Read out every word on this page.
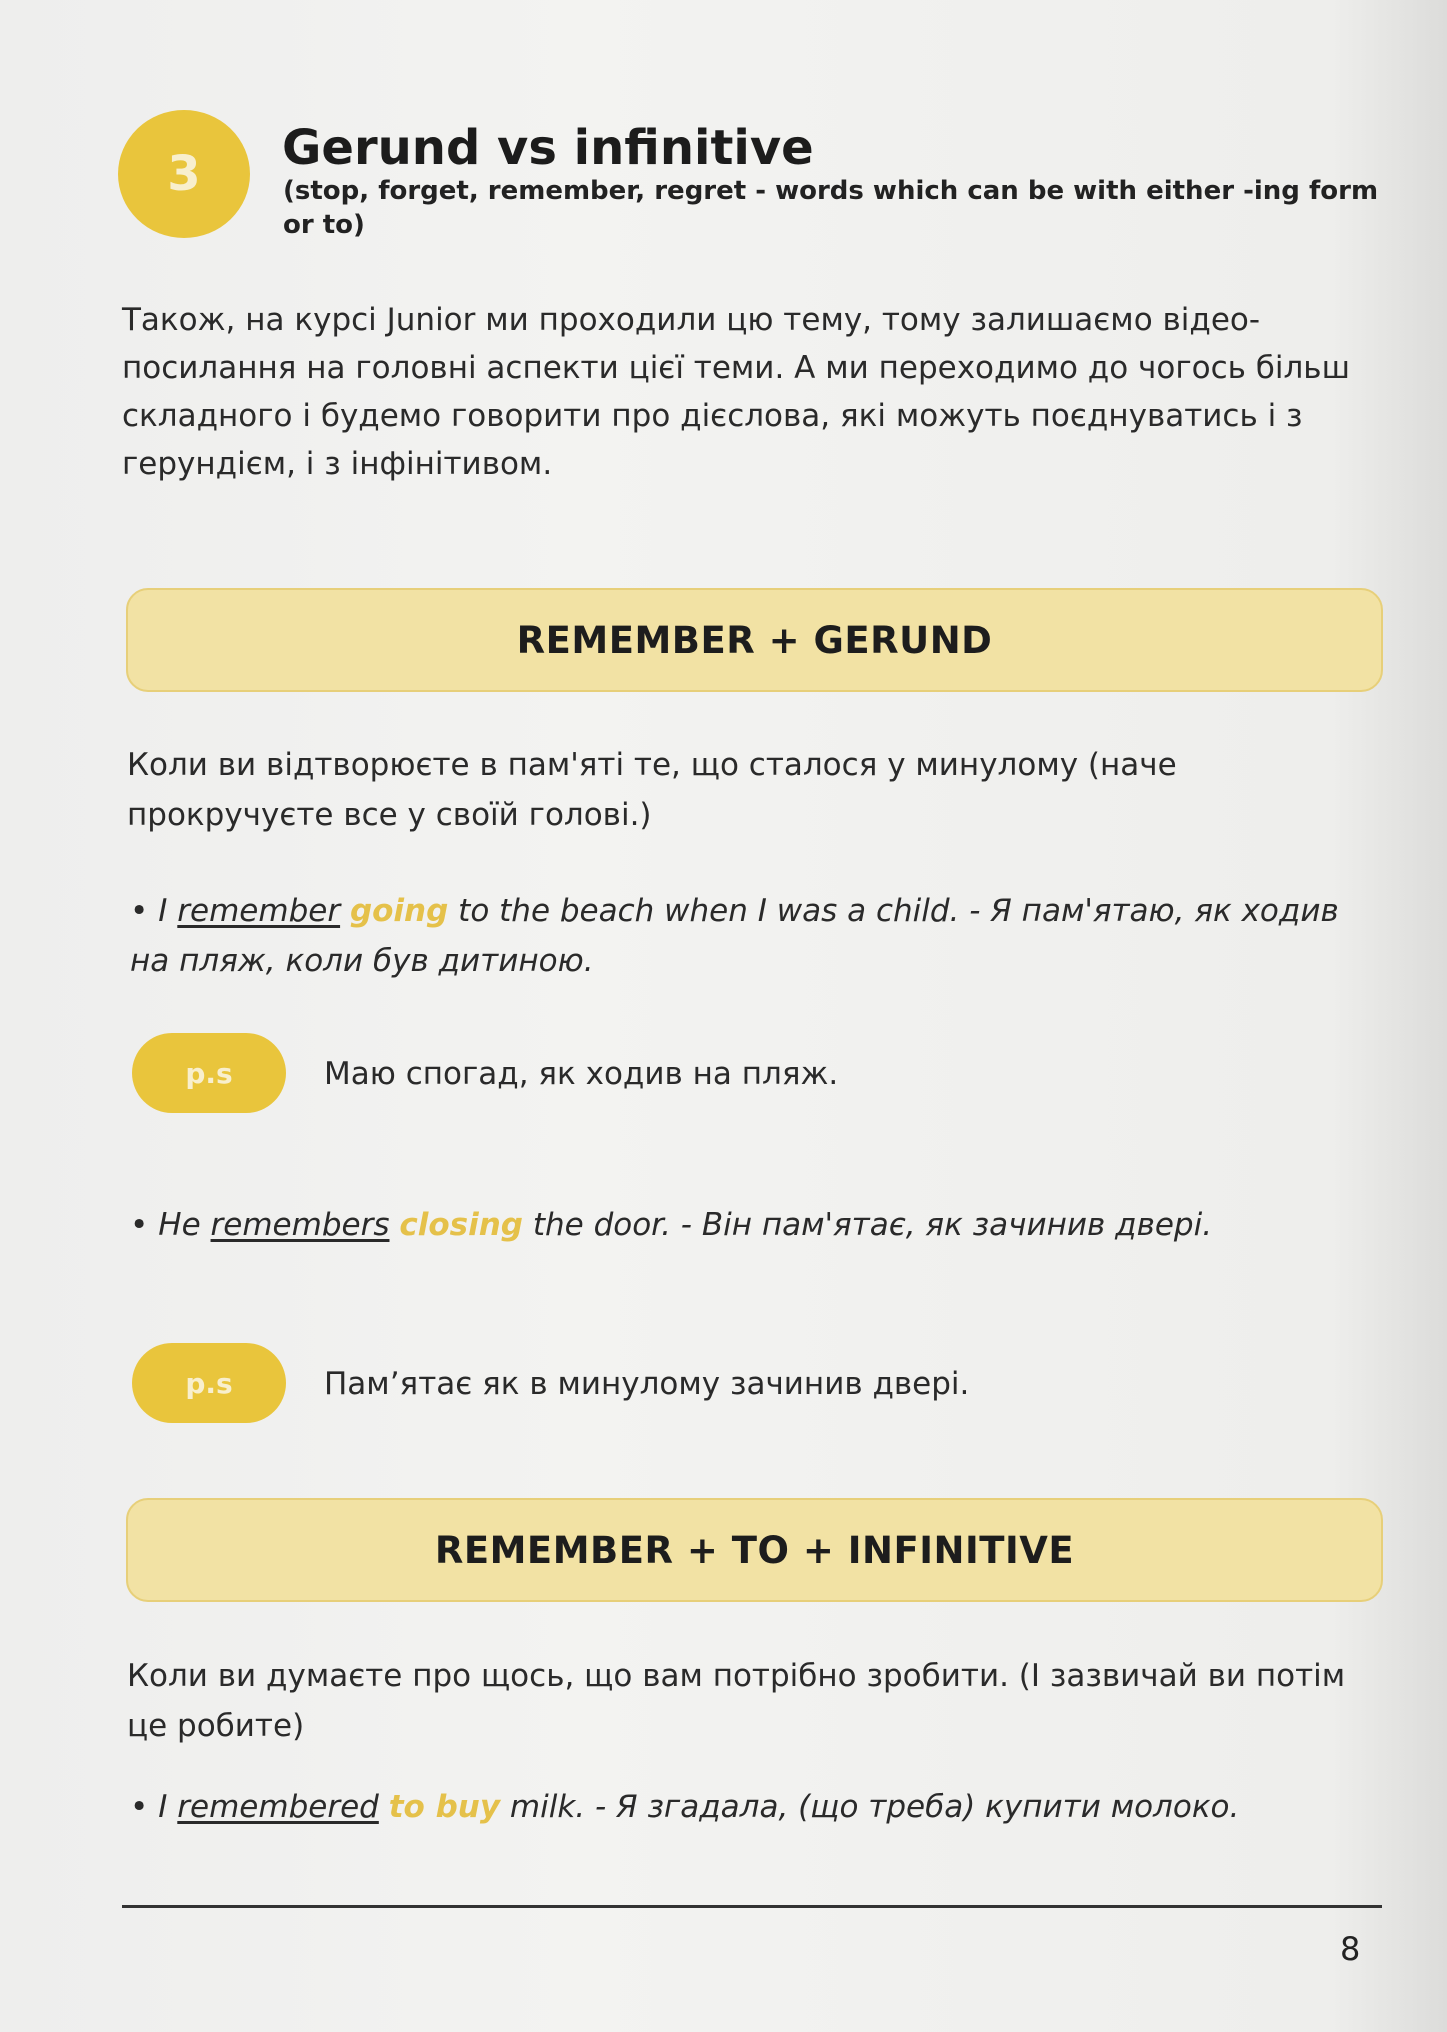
3 Gerund vs infinitive
(stop, forget, remember, regret - words which can be with either -ing form or to)

Також, на курсі Junior ми проходили цю тему, тому залишаємо відео-посилання на головні аспекти цієї теми. А ми переходимо до чогось більш складного і будемо говорити про дієслова, які можуть поєднуватись і з герундієм, і з інфінітивом.

REMEMBER + GERUND

Коли ви відтворюєте в пам'яті те, що сталося у минулому (наче прокручуєте все у своїй голові.)

• I remember going to the beach when I was a child. - Я пам'ятаю, як ходив на пляж, коли був дитиною.

p.s	Маю спогад, як ходив на пляж.

• He remembers closing the door. - Він пам'ятає, як зачинив двері.

p.s	Пам’ятає як в минулому зачинив двері.
REMEMBER + TO + INFINITIVE

Коли ви думаєте про щось, що вам потрібно зробити. (І зазвичай ви потім це робите)

• I remembered to buy milk. - Я згадала, (що треба) купити молоко.

8
